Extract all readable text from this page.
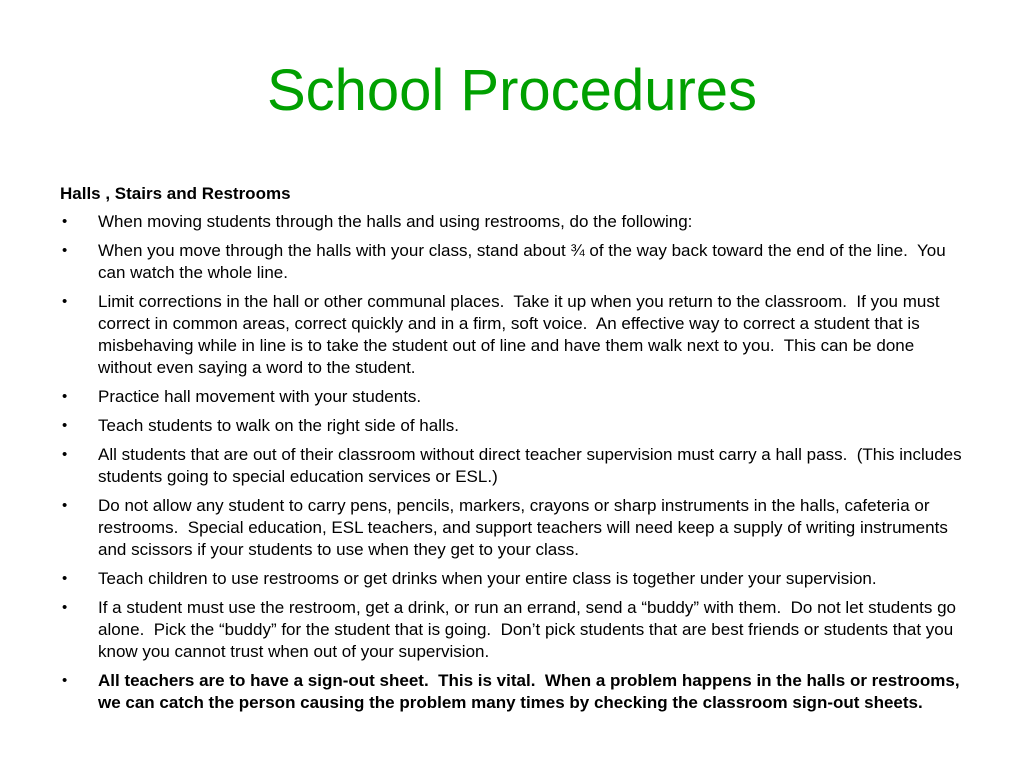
School Procedures

Halls , Stairs and Restrooms

•	When moving students through the halls and using restrooms, do the following:
•	When you move through the halls with your class, stand about ¾ of the way back toward the end of the line.  You can watch the whole line.
•	Limit corrections in the hall or other communal places.  Take it up when you return to the classroom.  If you must correct in common areas, correct quickly and in a firm, soft voice.  An effective way to correct a student that is misbehaving while in line is to take the student out of line and have them walk next to you.  This can be done without even saying a word to the student.
•	Practice hall movement with your students.
•	Teach students to walk on the right side of halls.
•	All students that are out of their classroom without direct teacher supervision must carry a hall pass.  (This includes students going to special education services or ESL.)
•	Do not allow any student to carry pens, pencils, markers, crayons or sharp instruments in the halls, cafeteria or restrooms.  Special education, ESL teachers, and support teachers will need keep a supply of writing instruments and scissors if your students to use when they get to your class.
•	Teach children to use restrooms or get drinks when your entire class is together under your supervision.
•	If a student must use the restroom, get a drink, or run an errand, send a “buddy” with them.  Do not let students go alone.  Pick the “buddy” for the student that is going.  Don’t pick students that are best friends or students that you know you cannot trust when out of your supervision.
•	All teachers are to have a sign-out sheet.  This is vital.  When a problem happens in the halls or restrooms, we can catch the person causing the problem many times by checking the classroom sign-out sheets.
